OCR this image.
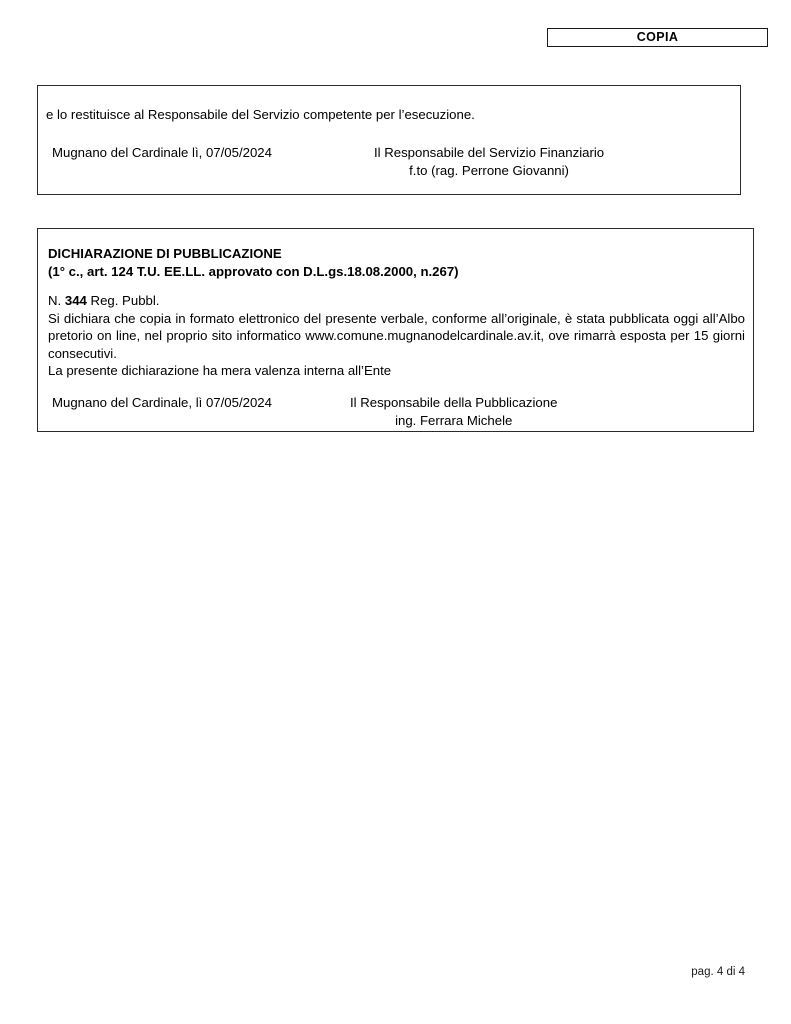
COPIA
e lo restituisce al Responsabile del Servizio competente per l’esecuzione.
Mugnano del Cardinale lì, 07/05/2024	Il Responsabile del Servizio Finanziario
f.to (rag. Perrone Giovanni)
DICHIARAZIONE DI PUBBLICAZIONE
(1° c., art. 124 T.U. EE.LL. approvato con D.L.gs.18.08.2000, n.267)
N. 344 Reg. Pubbl.
Si dichiara che copia in formato elettronico del presente verbale, conforme all’originale, è stata pubblicata oggi all’Albo pretorio on line, nel proprio sito informatico www.comune.mugnanodelcardinale.av.it, ove rimarrà esposta per 15 giorni consecutivi.
La presente dichiarazione ha mera valenza interna all’Ente
Mugnano del Cardinale, lì 07/05/2024	Il Responsabile della Pubblicazione
ing. Ferrara Michele
pag. 4 di 4
